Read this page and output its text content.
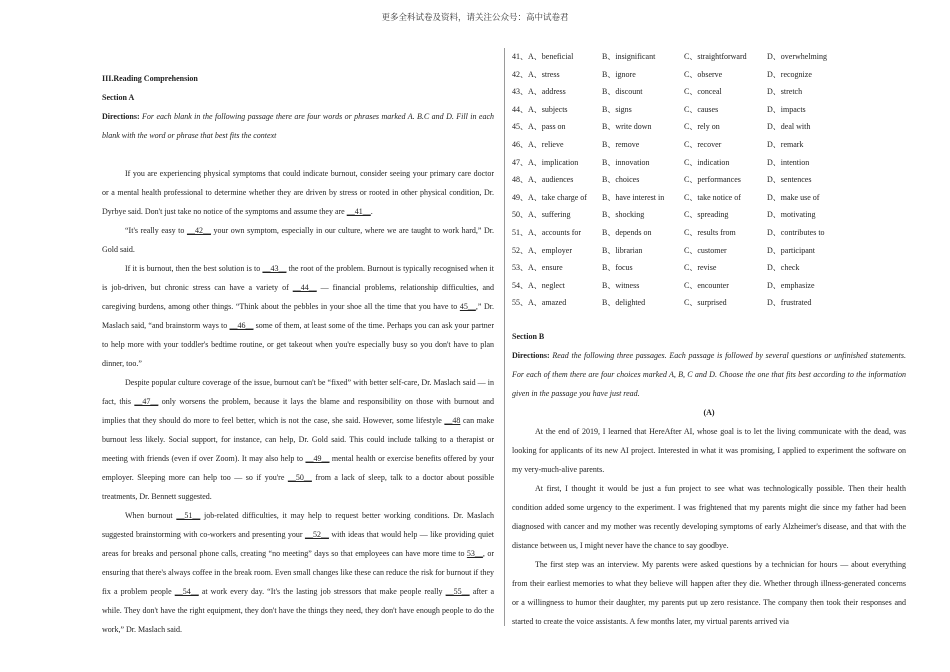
更多全科试卷及资料，请关注公众号：高中试卷君

III.Reading Comprehension

Section A

Directions: For each blank in the following passage there are four words or phrases marked A. B.C and D. Fill in each blank with the word or phrase that best fits the context

If you are experiencing physical symptoms that could indicate burnout, consider seeing your primary care doctor or a mental health professional to determine whether they are driven by stress or rooted in other physical condition, Dr. Dyrbye said. Don't just take no notice of the symptoms and assume they are __41__.

“It's really easy to __42__ your own symptom, especially in our culture, where we are taught to work hard,” Dr. Gold said.

If it is burnout, then the best solution is to __43__ the root of the problem. Burnout is typically recognised when it is job-driven, but chronic stress can have a variety of __44__ — financial problems, relationship difficulties, and caregiving burdens, among other things. “Think about the pebbles in your shoe all the time that you have to 45__,” Dr. Maslach said, “and brainstorm ways to __46__ some of them, at least some of the time. Perhaps you can ask your partner to help more with your toddler's bedtime routine, or get takeout when you're especially busy so you don't have to plan dinner, too.”

Despite popular culture coverage of the issue, burnout can't be “fixed” with better self-care, Dr. Maslach said — in fact, this __47__ only worsens the problem, because it lays the blame and responsibility on those with burnout and implies that they should do more to feel better, which is not the case, she said. However, some lifestyle __48 can make burnout less likely. Social support, for instance, can help, Dr. Gold said. This could include talking to a therapist or meeting with friends (even if over Zoom). It may also help to __49__ mental health or exercise benefits offered by your employer. Sleeping more can help too — so if you're __50__ from a lack of sleep, talk to a doctor about possible treatments, Dr. Bennett suggested.

When burnout __51__ job-related difficulties, it may help to request better working conditions. Dr. Maslach suggested brainstorming with co-workers and presenting your __52__ with ideas that would help — like providing quiet areas for breaks and personal phone calls, creating “no meeting” days so that employees can have more time to 53__, or ensuring that there's always coffee in the break room. Even small changes like these can reduce the risk for burnout if they fix a problem people __54__ at work every day. “It's the lasting job stressors that make people really __55__ after a while. They don't have the right equipment, they don't have the things they need, they don't have enough people to do the work,” Dr. Maslach said.

41、A、beneficial	B、insignificant	C、straightforward	D、overwhelming
42、A、stress	B、ignore	C、observe	D、recognize
43、A、address	B、discount	C、conceal	D、stretch
44、A、subjects	B、signs	C、causes	D、impacts
45、A、pass on	B、write down	C、rely on	D、deal with
46、A、relieve	B、remove	C、recover	D、remark
47、A、implication	B、innovation	C、indication	D、intention
48、A、audiences	B、choices	C、performances	D、sentences
49、A、take charge of	B、have interest in	C、take notice of	D、make use of
50、A、suffering	B、shocking	C、spreading	D、motivating
51、A、accounts for	B、depends on	C、results from	D、contributes to
52、A、employer	B、librarian	C、customer	D、participant
53、A、ensure	B、focus	C、revise	D、check
54、A、neglect	B、witness	C、encounter	D、emphasize
55、A、amazed	B、delighted	C、surprised	D、frustrated

Section B

Directions: Read the following three passages. Each passage is followed by several questions or unfinished statements. For each of them there are four choices marked A, B, C and D. Choose the one that fits best according to the information given in the passage you have just read.

(A)

At the end of 2019, I learned that HereAfter AI, whose goal is to let the living communicate with the dead, was looking for applicants of its new AI project. Interested in what it was promising, I applied to experiment the software on my very-much-alive parents.

At first, I thought it would be just a fun project to see what was technologically possible. Then their health condition added some urgency to the experiment. I was frightened that my parents might die since my father had been diagnosed with cancer and my mother was recently developing symptoms of early Alzheimer's disease, and that with the distance between us, I might never have the chance to say goodbye.

The first step was an interview. My parents were asked questions by a technician for hours — about everything from their earliest memories to what they believe will happen after they die. Whether through illness-generated concerns or a willingness to humor their daughter, my parents put up zero resistance. The company then took their responses and started to create the voice assistants. A few months later, my virtual parents arrived via
